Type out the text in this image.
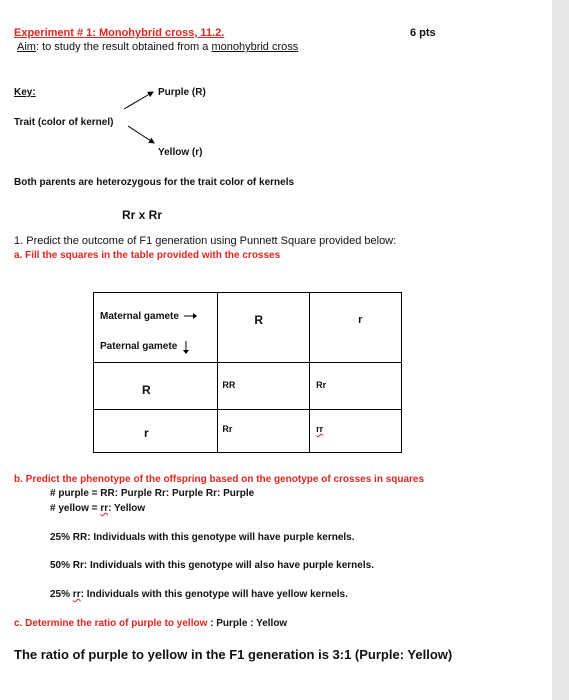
Experiment # 1: Monohybrid cross, 11.2.	6 pts
Aim: to study the result obtained from a monohybrid cross
Key:	Purple (R)
Trait (color of kernel)
Yellow (r)
Both parents are heterozygous for the trait color of kernels
Rr x Rr
1. Predict the outcome of F1 generation using Punnett Square provided below:
a. Fill the squares in the table provided with the crosses
Maternal gamete
Paternal gamete	R	r

R	RR	Rr

r	Rr	rr
b. Predict the phenotype of the offspring based on the genotype of crosses in squares
# purple = RR: Purple Rr: Purple Rr: Purple
# yellow = rr: Yellow
25% RR: Individuals with this genotype will have purple kernels.
50% Rr: Individuals with this genotype will also have purple kernels.
25% rr: Individuals with this genotype will have yellow kernels.
c. Determine the ratio of purple to yellow : Purple : Yellow
The ratio of purple to yellow in the F1 generation is 3:1 (Purple: Yellow)
